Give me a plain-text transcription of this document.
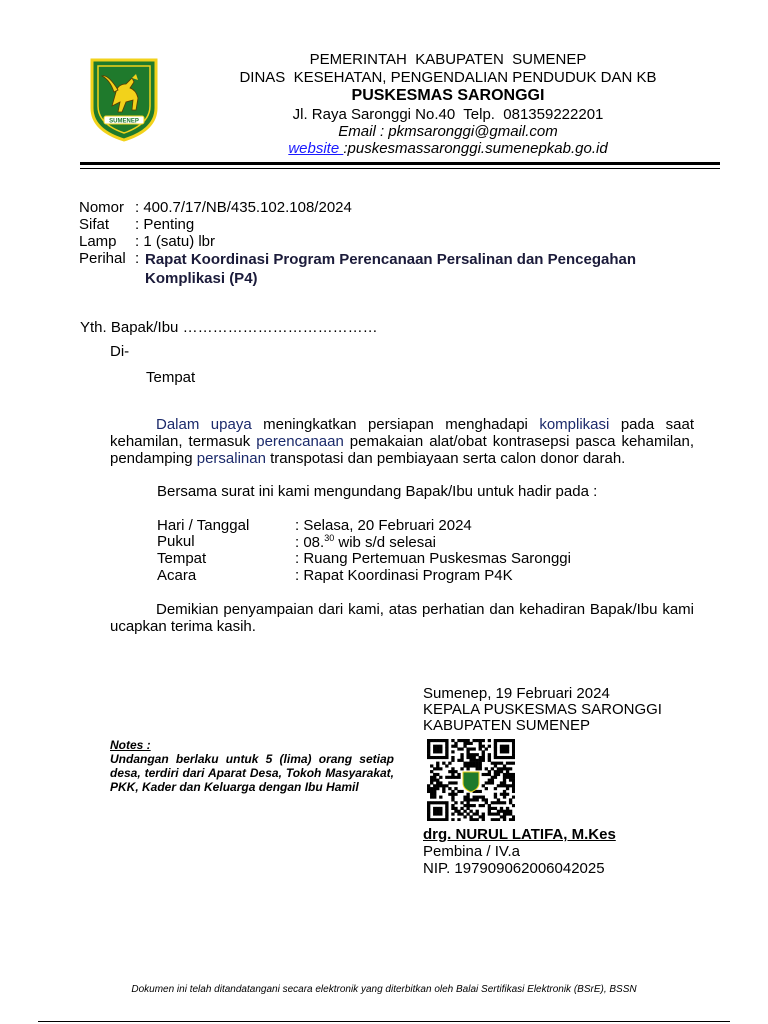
SUMENEP
PEMERINTAH  KABUPATEN  SUMENEP
DINAS  KESEHATAN, PENGENDALIAN PENDUDUK DAN KB
PUSKESMAS SARONGGI
Jl. Raya Saronggi No.40  Telp.  081359222201
Email : pkmsaronggi@gmail.com
website :puskesmassaronggi.sumenepkab.go.id
Nomor : 400.7/17/NB/435.102.108/2024
Sifat : Penting
Lamp : 1 (satu) lbr
Perihal : Rapat Koordinasi Program Perencanaan Persalinan dan Pencegahan
Komplikasi (P4)
Yth. Bapak/Ibu …………………………………
Di-
Tempat
Dalam upaya meningkatkan persiapan menghadapi komplikasi pada saat kehamilan, termasuk perencanaan pemakaian alat/obat kontrasepsi pasca kehamilan, pendamping persalinan transpotasi dan pembiayaan serta calon donor darah.
Bersama surat ini kami mengundang Bapak/Ibu untuk hadir pada :
Hari / Tanggal	: Selasa, 20 Februari 2024
Pukul	: 08.30 wib s/d selesai
Tempat	: Ruang Pertemuan Puskesmas Saronggi
Acara	: Rapat Koordinasi Program P4K
Demikian penyampaian dari kami, atas perhatian dan kehadiran Bapak/Ibu kami ucapkan terima kasih.
Notes :
Undangan berlaku untuk 5 (lima) orang setiap desa, terdiri dari Aparat Desa, Tokoh Masyarakat, PKK, Kader dan Keluarga dengan Ibu Hamil
Sumenep, 19 Februari 2024
KEPALA PUSKESMAS SARONGGI
KABUPATEN SUMENEP
drg. NURUL LATIFA, M.Kes
Pembina / IV.a
NIP. 197909062006042025
Dokumen ini telah ditandatangani secara elektronik yang diterbitkan oleh Balai Sertifikasi Elektronik (BSrE), BSSN
